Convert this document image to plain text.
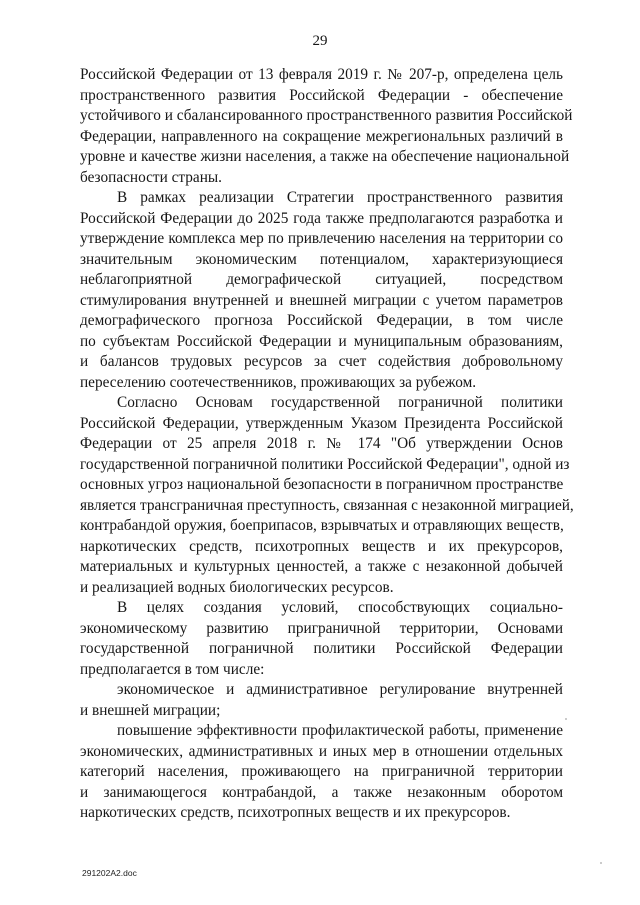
29
Российской Федерации от 13 февраля 2019 г. № 207-р, определена цель
пространственного развития Российской Федерации - обеспечение
устойчивого и сбалансированного пространственного развития Российской
Федерации, направленного на сокращение межрегиональных различий в
уровне и качестве жизни населения, а также на обеспечение национальной
безопасности страны.
В рамках реализации Стратегии пространственного развития
Российской Федерации до 2025 года также предполагаются разработка и
утверждение комплекса мер по привлечению населения на территории со
значительным экономическим потенциалом, характеризующиеся
неблагоприятной демографической ситуацией, посредством
стимулирования внутренней и внешней миграции с учетом параметров
демографического прогноза Российской Федерации, в том числе
по субъектам Российской Федерации и муниципальным образованиям,
и балансов трудовых ресурсов за счет содействия добровольному
переселению соотечественников, проживающих за рубежом.
Согласно Основам государственной пограничной политики
Российской Федерации, утвержденным Указом Президента Российской
Федерации от 25 апреля 2018 г. № 174 "Об утверждении Основ
государственной пограничной политики Российской Федерации", одной из
основных угроз национальной безопасности в пограничном пространстве
является трансграничная преступность, связанная с незаконной миграцией,
контрабандой оружия, боеприпасов, взрывчатых и отравляющих веществ,
наркотических средств, психотропных веществ и их прекурсоров,
материальных и культурных ценностей, а также с незаконной добычей
и реализацией водных биологических ресурсов.
В целях создания условий, способствующих социально-
экономическому развитию приграничной территории, Основами
государственной пограничной политики Российской Федерации
предполагается в том числе:
экономическое и административное регулирование внутренней
и внешней миграции;
повышение эффективности профилактической работы, применение
экономических, административных и иных мер в отношении отдельных
категорий населения, проживающего на приграничной территории
и занимающегося контрабандой, а также незаконным оборотом
наркотических средств, психотропных веществ и их прекурсоров.
291202A2.doc
